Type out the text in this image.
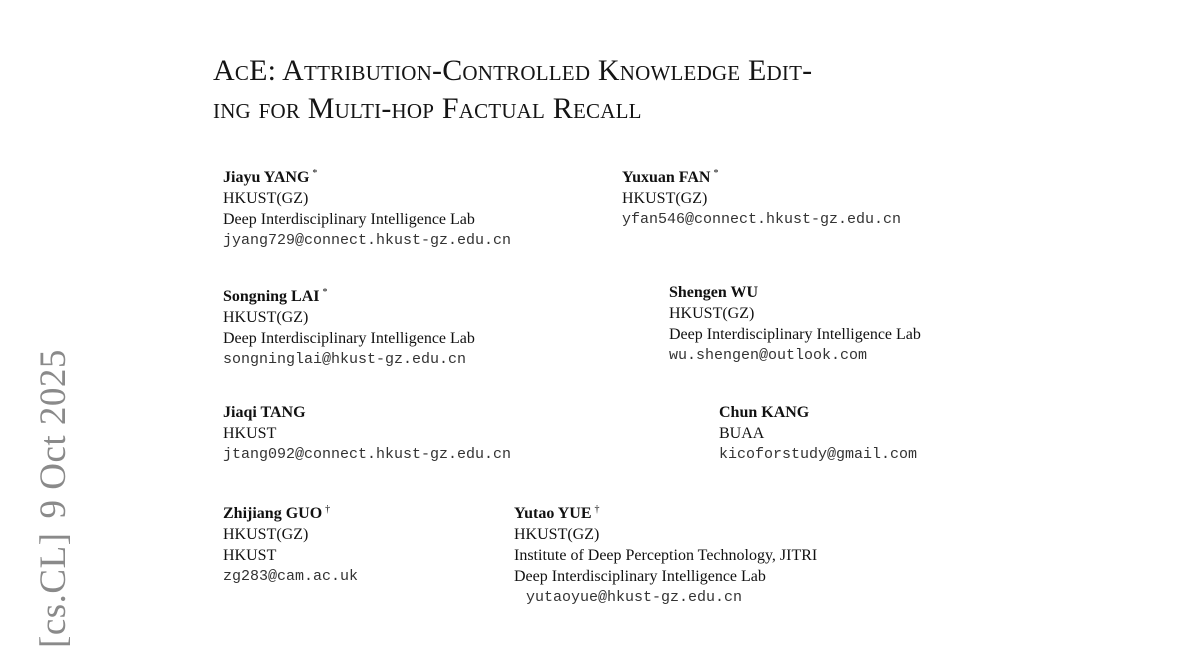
AcE: Attribution-Controlled Knowledge Edit-
ing for Multi-hop Factual Recall
Jiayu YANG *
HKUST(GZ)
Deep Interdisciplinary Intelligence Lab
jyang729@connect.hkust-gz.edu.cn
Yuxuan FAN *
HKUST(GZ)
yfan546@connect.hkust-gz.edu.cn
Songning LAI *
HKUST(GZ)
Deep Interdisciplinary Intelligence Lab
songninglai@hkust-gz.edu.cn
Shengen WU
HKUST(GZ)
Deep Interdisciplinary Intelligence Lab
wu.shengen@outlook.com
Jiaqi TANG
HKUST
jtang092@connect.hkust-gz.edu.cn
Chun KANG
BUAA
kicoforstudy@gmail.com
Zhijiang GUO †
HKUST(GZ)
HKUST
zg283@cam.ac.uk
Yutao YUE †
HKUST(GZ)
Institute of Deep Perception Technology, JITRI
Deep Interdisciplinary Intelligence Lab
yutaoyue@hkust-gz.edu.cn
[cs.CL]9 Oct 2025
